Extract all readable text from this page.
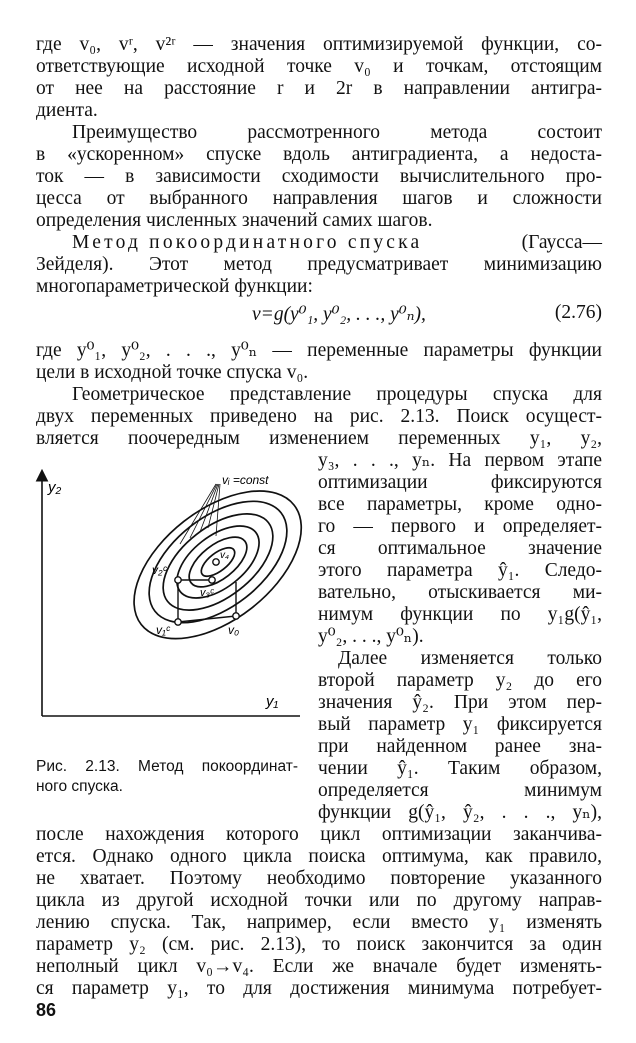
где v₀, vʳ, v²ʳ — значения оптимизируемой функции, со-
ответствующие исходной точке v₀ и точкам, отстоящим
от нее на расстояние r и 2r в направлении антигра-
диента.
Преимущество рассмотренного метода состоит
в «ускоренном» спуске вдоль антиградиента, а недоста-
ток — в зависимости сходимости вычислительного про-
цесса от выбранного направления шагов и сложности
определения численных значений самих шагов.
Метод покоординатного спуска	(Гаусса—
Зейделя). Этот метод предусматривает минимизацию
многопараметрической функции:
v=g(y⁰₁, y⁰₂, . . ., y⁰ₙ),	(2.76)
где y⁰₁, y⁰₂, . . ., y⁰ₙ — переменные параметры функции
цели в исходной точке спуска v₀.
Геометрическое представление процедуры спуска для
двух переменных приведено на рис. 2.13. Поиск осущест-
вляется поочередным изменением переменных y₁, y₂,
y₃, . . ., yₙ. На первом этапе
оптимизации фиксируются
все параметры, кроме одно-
го — первого и определяет-
ся оптимальное значение
этого параметра ŷ₁. Следо-
вательно, отыскивается ми-
нимум функции по y₁g(ŷ₁,
y⁰₂, . . ., y⁰ₙ).
Далее изменяется только
второй параметр y₂ до его
значения ŷ₂. При этом пер-
вый параметр y₁ фиксируется
при найденном ранее зна-
чении ŷ₁. Таким образом,
определяется минимум
функции g(ŷ₁, ŷ₂, . . ., yₙ),
после нахождения которого цикл оптимизации заканчива-
ется. Однако одного цикла поиска оптимума, как правило,
не хватает. Поэтому необходимо повторение указанного
цикла из другой исходной точки или по другому направ-
лению спуска. Так, например, если вместо y₁ изменять
параметр y₂ (см. рис. 2.13), то поиск закончится за один
неполный цикл v₀→v₄. Если же вначале будет изменять-
ся параметр y₁, то для достижения минимума потребует-
y₂
y₁
vᵢ =const
v₀
v₁ᶜ
v₂ᶜ
v₃ᶜ
v₄
Рис. 2.13. Метод покоординат-
ного спуска.
86
